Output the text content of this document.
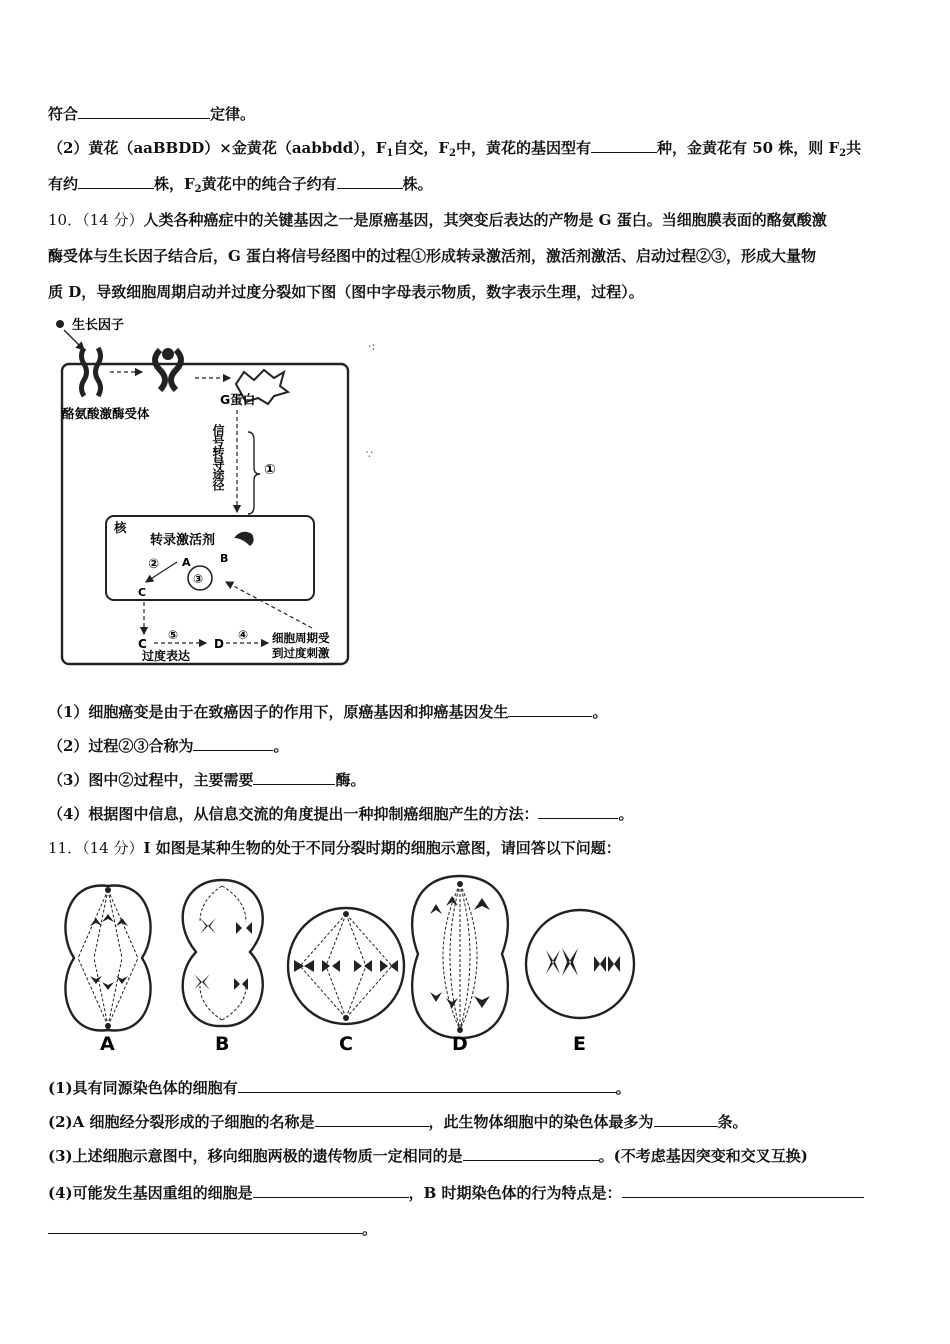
符合	定律。
（2）黄花（aaBBDD）×金黄花（aabbdd），$F_1$自交，$F_2$中，黄花的基因型有	种，金黄花有 50 株，则 $F_2$共
有约	株，$F_2$黄花中的纯合子约有	株。
10．（14 分）人类各种癌症中的关键基因之一是原癌基因，其突变后表达的产物是 G 蛋白。当细胞膜表面的酪氨酸激
酶受体与生长因子结合后，G 蛋白将信号经图中的过程①形成转录激活剂，激活剂激活、启动过程②③，形成大量物
质 D，导致细胞周期启动并过度分裂如下图（图中字母表示物质，数字表示生理，过程）。
生长因子
酪氨酸激酶受体
G蛋白
信号转导途径	①
核
转录激活剂
A
③
②
C
B
C
⑤
过度表达
D
④ 细胞周期受
到过度刺激
·:
∵
（1）细胞癌变是由于在致癌因子的作用下，原癌基因和抑癌基因发生	。
（2）过程②③合称为	。
（3）图中②过程中，主要需要	酶。
（4）根据图中信息，从信息交流的角度提出一种抑制癌细胞产生的方法：	。
11．（14 分）I 如图是某种生物的处于不同分裂时期的细胞示意图，请回答以下问题：
A	B	C	D	E
(1)具有同源染色体的细胞有	。
(2)A 细胞经分裂形成的子细胞的名称是	，此生物体细胞中的染色体最多为	条。
(3)上述细胞示意图中，移向细胞两极的遗传物质一定相同的是	。(不考虑基因突变和交叉互换)
(4)可能发生基因重组的细胞是	，B 时期染色体的行为特点是：
。
